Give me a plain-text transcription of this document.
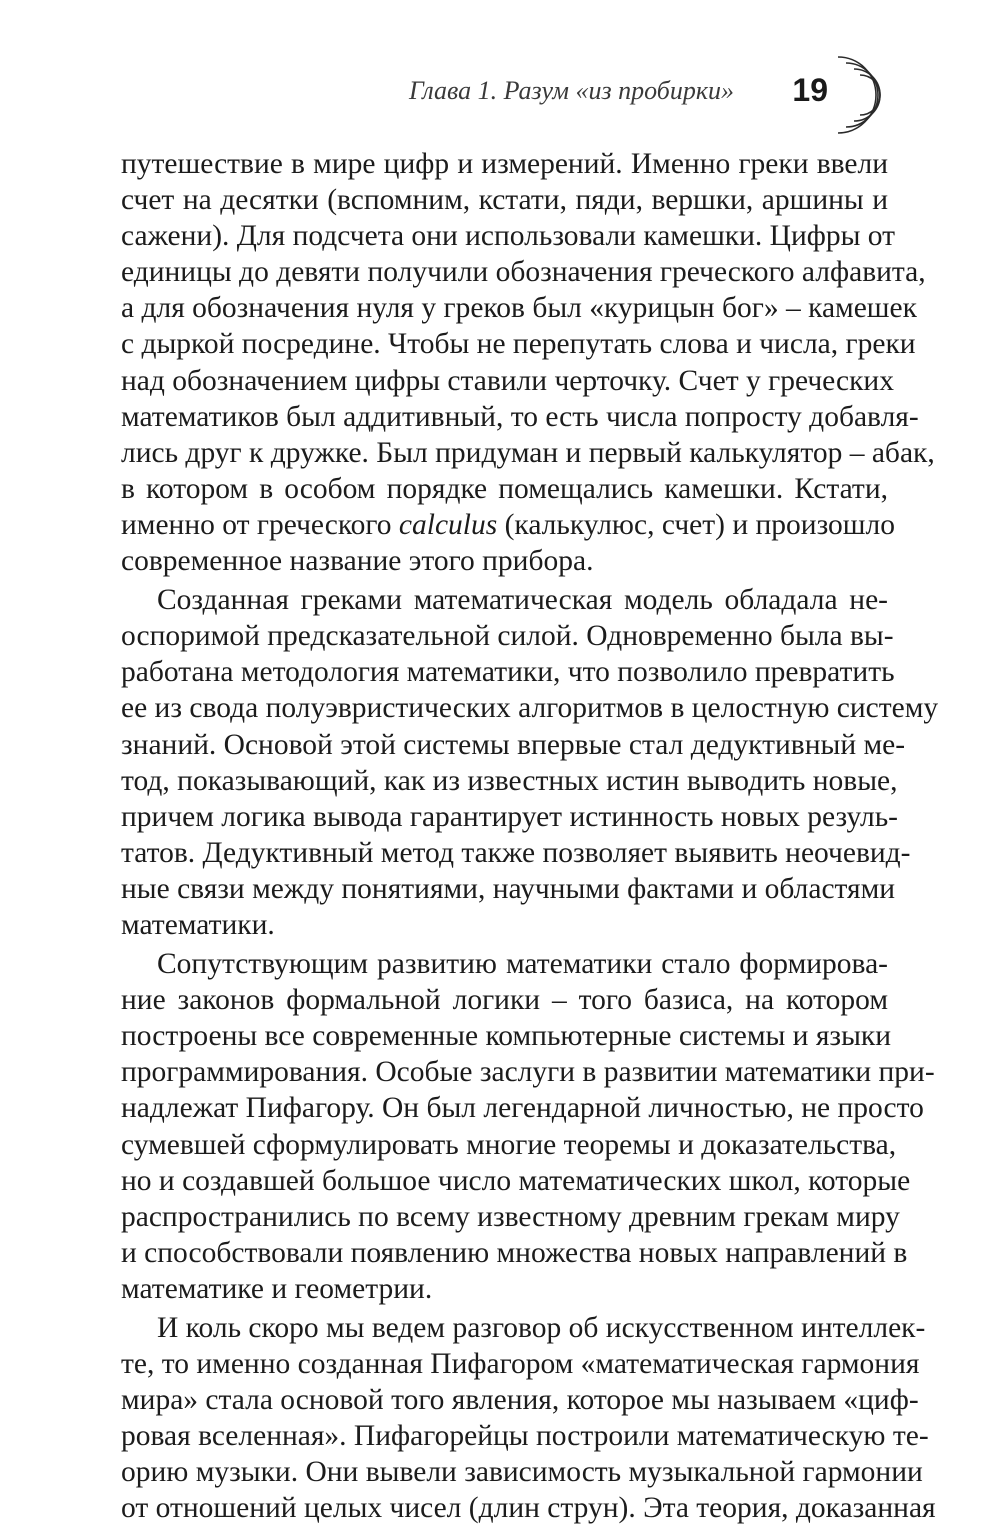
Глава 1. Разум «из пробирки» 19

путешествие в мире цифр и измерений. Именно греки ввели
счет на десятки (вспомним, кстати, пяди, вершки, аршины и
сажени). Для подсчета они использовали камешки. Цифры от
единицы до девяти получили обозначения греческого алфавита,
а для обозначения нуля у греков был «курицын бог» – камешек
с дыркой посредине. Чтобы не перепутать слова и числа, греки
над обозначением цифры ставили черточку. Счет у греческих
математиков был аддитивный, то есть числа попросту добавля-
лись друг к дружке. Был придуман и первый калькулятор – абак,
в котором в особом порядке помещались камешки. Кстати,
именно от греческого calculus (калькулюс, счет) и произошло
современное название этого прибора.

Созданная греками математическая модель обладала не-
оспоримой предсказательной силой. Одновременно была вы-
работана методология математики, что позволило превратить
ее из свода полуэвристических алгоритмов в целостную систему
знаний. Основой этой системы впервые стал дедуктивный ме-
тод, показывающий, как из известных истин выводить новые,
причем логика вывода гарантирует истинность новых резуль-
татов. Дедуктивный метод также позволяет выявить неочевид-
ные связи между понятиями, научными фактами и областями
математики.

Сопутствующим развитию математики стало формирова-
ние законов формальной логики – того базиса, на котором
построены все современные компьютерные системы и языки
программирования. Особые заслуги в развитии математики при-
надлежат Пифагору. Он был легендарной личностью, не просто
сумевшей сформулировать многие теоремы и доказательства,
но и создавшей большое число математических школ, которые
распространились по всему известному древним грекам миру
и способствовали появлению множества новых направлений в
математике и геометрии.

И коль скоро мы ведем разговор об искусственном интеллек-
те, то именно созданная Пифагором «математическая гармония
мира» стала основой того явления, которое мы называем «циф-
ровая вселенная». Пифагорейцы построили математическую те-
орию музыки. Они вывели зависимость музыкальной гармонии
от отношений целых чисел (длин струн). Эта теория, доказанная
